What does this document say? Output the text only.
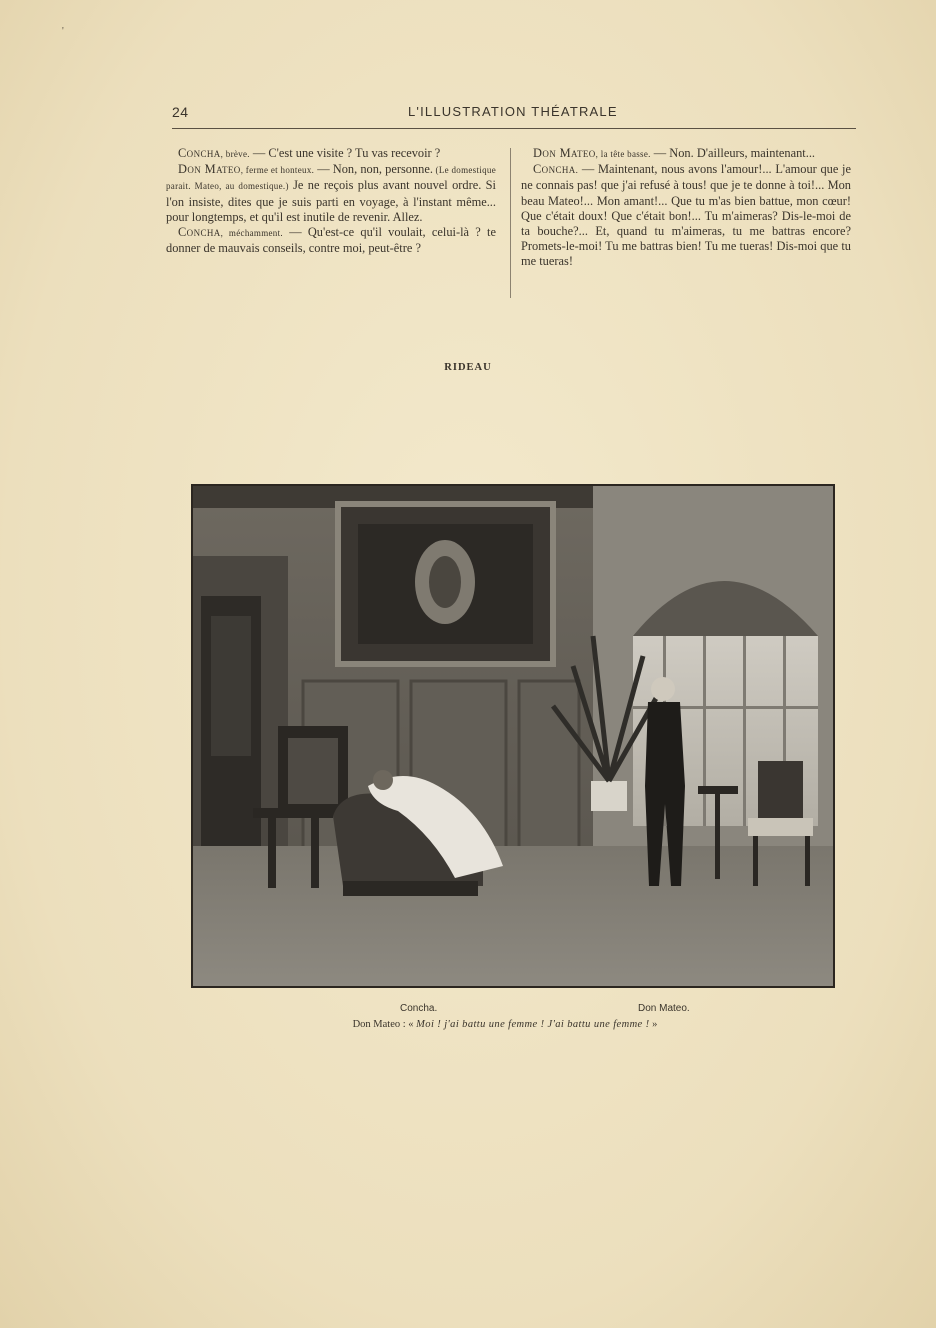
'
24	L'ILLUSTRATION THÉATRALE

Concha, brève. — C'est une visite ? Tu vas recevoir ?

Don Mateo, ferme et honteux. — Non, non, personne. (Le domestique parait. Mateo, au domestique.) Je ne reçois plus avant nouvel ordre. Si l'on insiste, dites que je suis parti en voyage, à l'instant même... pour longtemps, et qu'il est inutile de revenir. Allez.

Concha, méchamment. — Qu'est-ce qu'il voulait, celui-là ? te donner de mauvais conseils, contre moi, peut-être ?

Don Mateo, la tête basse. — Non. D'ailleurs, maintenant...

Concha. — Maintenant, nous avons l'amour!... L'amour que je ne connais pas! que j'ai refusé à tous! que je te donne à toi!... Mon beau Mateo!... Mon amant!... Que tu m'as bien battue, mon cœur! Que c'était doux! Que c'était bon!... Tu m'aimeras? Dis-le-moi de ta bouche?... Et, quand tu m'aimeras, tu me battras encore? Promets-le-moi! Tu me battras bien! Tu me tueras! Dis-moi que tu me tueras!

RIDEAU
Concha.	Don Mateo.
Don Mateo : « Moi ! j'ai battu une femme ! J'ai battu une femme ! »
